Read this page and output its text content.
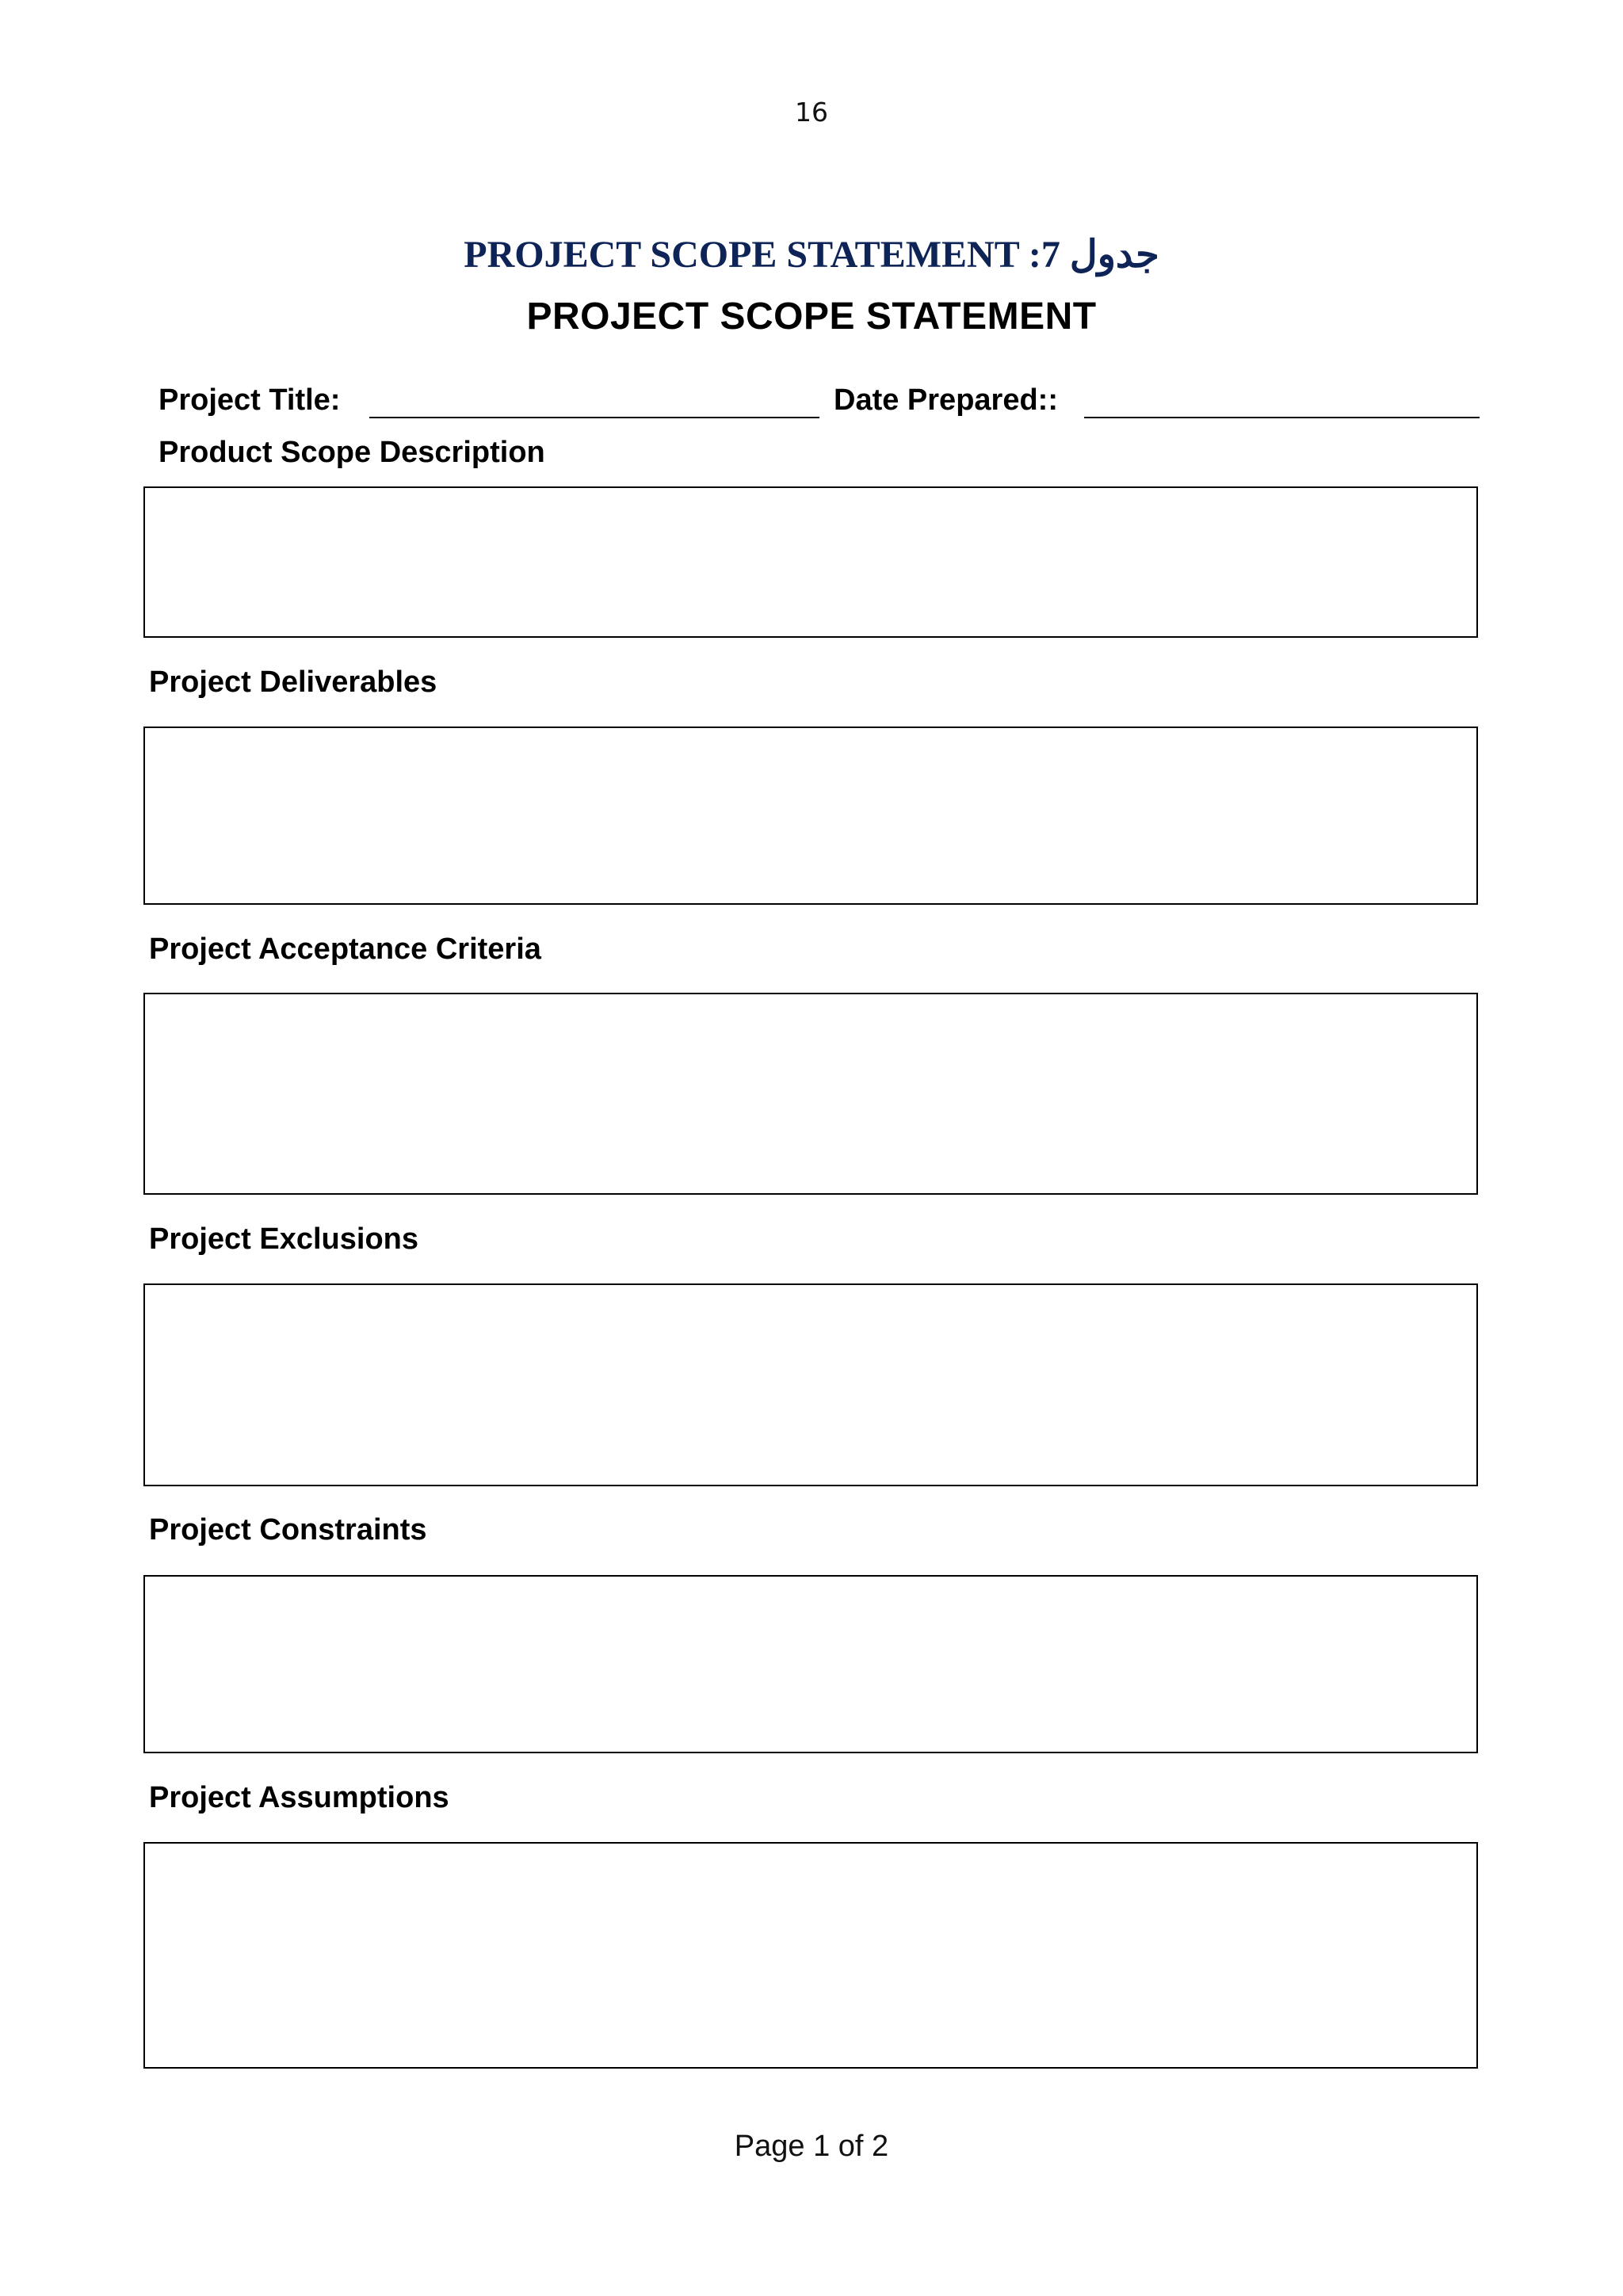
16
PROJECT SCOPE STATEMENT :7 جدول
PROJECT SCOPE STATEMENT
Project Title:	Date Prepared::
Product Scope Description
Project Deliverables
Project Acceptance Criteria
Project Exclusions
Project Constraints
Project Assumptions
Page 1 of 2
